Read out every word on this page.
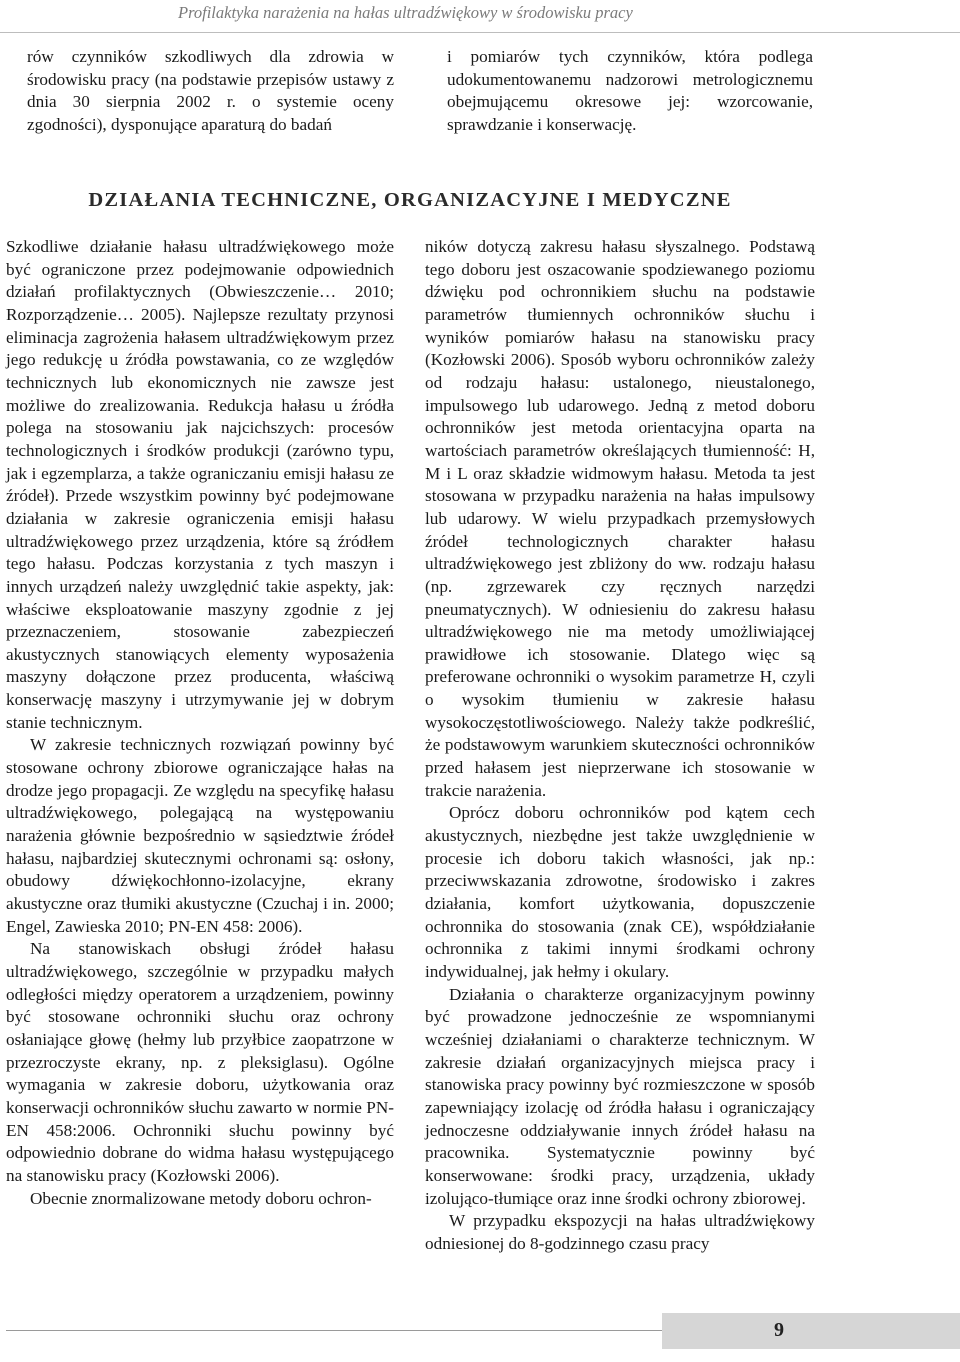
Profilaktyka narażenia na hałas ultradźwiękowy w środowisku pracy

rów czynników szkodliwych dla zdrowia w środowisku pracy (na podstawie przepisów ustawy z dnia 30 sierpnia 2002 r. o systemie oceny zgodności), dysponujące aparaturą do badań

i pomiarów tych czynników, która podlega udokumentowanemu nadzorowi metrologicznemu obejmującemu okresowe jej: wzorcowanie, sprawdzanie i konserwację.

DZIAŁANIA TECHNICZNE, ORGANIZACYJNE I MEDYCZNE

Szkodliwe działanie hałasu ultradźwiękowego może być ograniczone przez podejmowanie odpowiednich działań profilaktycznych (Obwieszczenie… 2010; Rozporządzenie… 2005). Najlepsze rezultaty przynosi eliminacja zagrożenia hałasem ultradźwiękowym przez jego redukcję u źródła powstawania, co ze względów technicznych lub ekonomicznych nie zawsze jest możliwe do zrealizowania. Redukcja hałasu u źródła polega na stosowaniu jak najcichszych: procesów technologicznych i środków produkcji (zarówno typu, jak i egzemplarza, a także ograniczaniu emisji hałasu ze źródeł). Przede wszystkim powinny być podejmowane działania w zakresie ograniczenia emisji hałasu ultradźwiękowego przez urządzenia, które są źródłem tego hałasu. Podczas korzystania z tych maszyn i innych urządzeń należy uwzględnić takie aspekty, jak: właściwe eksploatowanie maszyny zgodnie z jej przeznaczeniem, stosowanie zabezpieczeń akustycznych stanowiących elementy wyposażenia maszyny dołączone przez producenta, właściwą konserwację maszyny i utrzymywanie jej w dobrym stanie technicznym.

W zakresie technicznych rozwiązań powinny być stosowane ochrony zbiorowe ograniczające hałas na drodze jego propagacji. Ze względu na specyfikę hałasu ultradźwiękowego, polegającą na występowaniu narażenia głównie bezpośrednio w sąsiedztwie źródeł hałasu, najbardziej skutecznymi ochronami są: osłony, obudowy dźwiękochłonno-izolacyjne, ekrany akustyczne oraz tłumiki akustyczne (Czuchaj i in. 2000; Engel, Zawieska 2010; PN-EN 458: 2006).

Na stanowiskach obsługi źródeł hałasu ultradźwiękowego, szczególnie w przypadku małych odległości między operatorem a urządzeniem, powinny być stosowane ochronniki słuchu oraz ochrony osłaniające głowę (hełmy lub przyłbice zaopatrzone w przezroczyste ekrany, np. z pleksiglasu). Ogólne wymagania w zakresie doboru, użytkowania oraz konserwacji ochronników słuchu zawarto w normie PN-EN 458:2006. Ochronniki słuchu powinny być odpowiednio dobrane do widma hałasu występującego na stanowisku pracy (Kozłowski 2006).

Obecnie znormalizowane metody doboru ochron-

ników dotyczą zakresu hałasu słyszalnego. Podstawą tego doboru jest oszacowanie spodziewanego poziomu dźwięku pod ochronnikiem słuchu na podstawie parametrów tłumiennych ochronników słuchu i wyników pomiarów hałasu na stanowisku pracy (Kozłowski 2006). Sposób wyboru ochronników zależy od rodzaju hałasu: ustalonego, nieustalonego, impulsowego lub udarowego. Jedną z metod doboru ochronników jest metoda orientacyjna oparta na wartościach parametrów określających tłumienność: H, M i L oraz składzie widmowym hałasu. Metoda ta jest stosowana w przypadku narażenia na hałas impulsowy lub udarowy. W wielu przypadkach przemysłowych źródeł technologicznych charakter hałasu ultradźwiękowego jest zbliżony do ww. rodzaju hałasu (np. zgrzewarek czy ręcznych narzędzi pneumatycznych). W odniesieniu do zakresu hałasu ultradźwiękowego nie ma metody umożliwiającej prawidłowe ich stosowanie. Dlatego więc są preferowane ochronniki o wysokim parametrze H, czyli o wysokim tłumieniu w zakresie hałasu wysokoczęstotliwościowego. Należy także podkreślić, że podstawowym warunkiem skuteczności ochronników przed hałasem jest nieprzerwane ich stosowanie w trakcie narażenia.

Oprócz doboru ochronników pod kątem cech akustycznych, niezbędne jest także uwzględnienie w procesie ich doboru takich własności, jak np.: przeciwwskazania zdrowotne, środowisko i zakres działania, komfort użytkowania, dopuszczenie ochronnika do stosowania (znak CE), współdziałanie ochronnika z takimi innymi środkami ochrony indywidualnej, jak hełmy i okulary.

Działania o charakterze organizacyjnym powinny być prowadzone jednocześnie ze wspomnianymi wcześniej działaniami o charakterze technicznym. W zakresie działań organizacyjnych miejsca pracy i stanowiska pracy powinny być rozmieszczone w sposób zapewniający izolację od źródła hałasu i ograniczający jednoczesne oddziaływanie innych źródeł hałasu na pracownika. Systematycznie powinny być konserwowane: środki pracy, urządzenia, układy izolująco-tłumiące oraz inne środki ochrony zbiorowej.

W przypadku ekspozycji na hałas ultradźwiękowy odniesionej do 8-godzinnego czasu pracy

9
